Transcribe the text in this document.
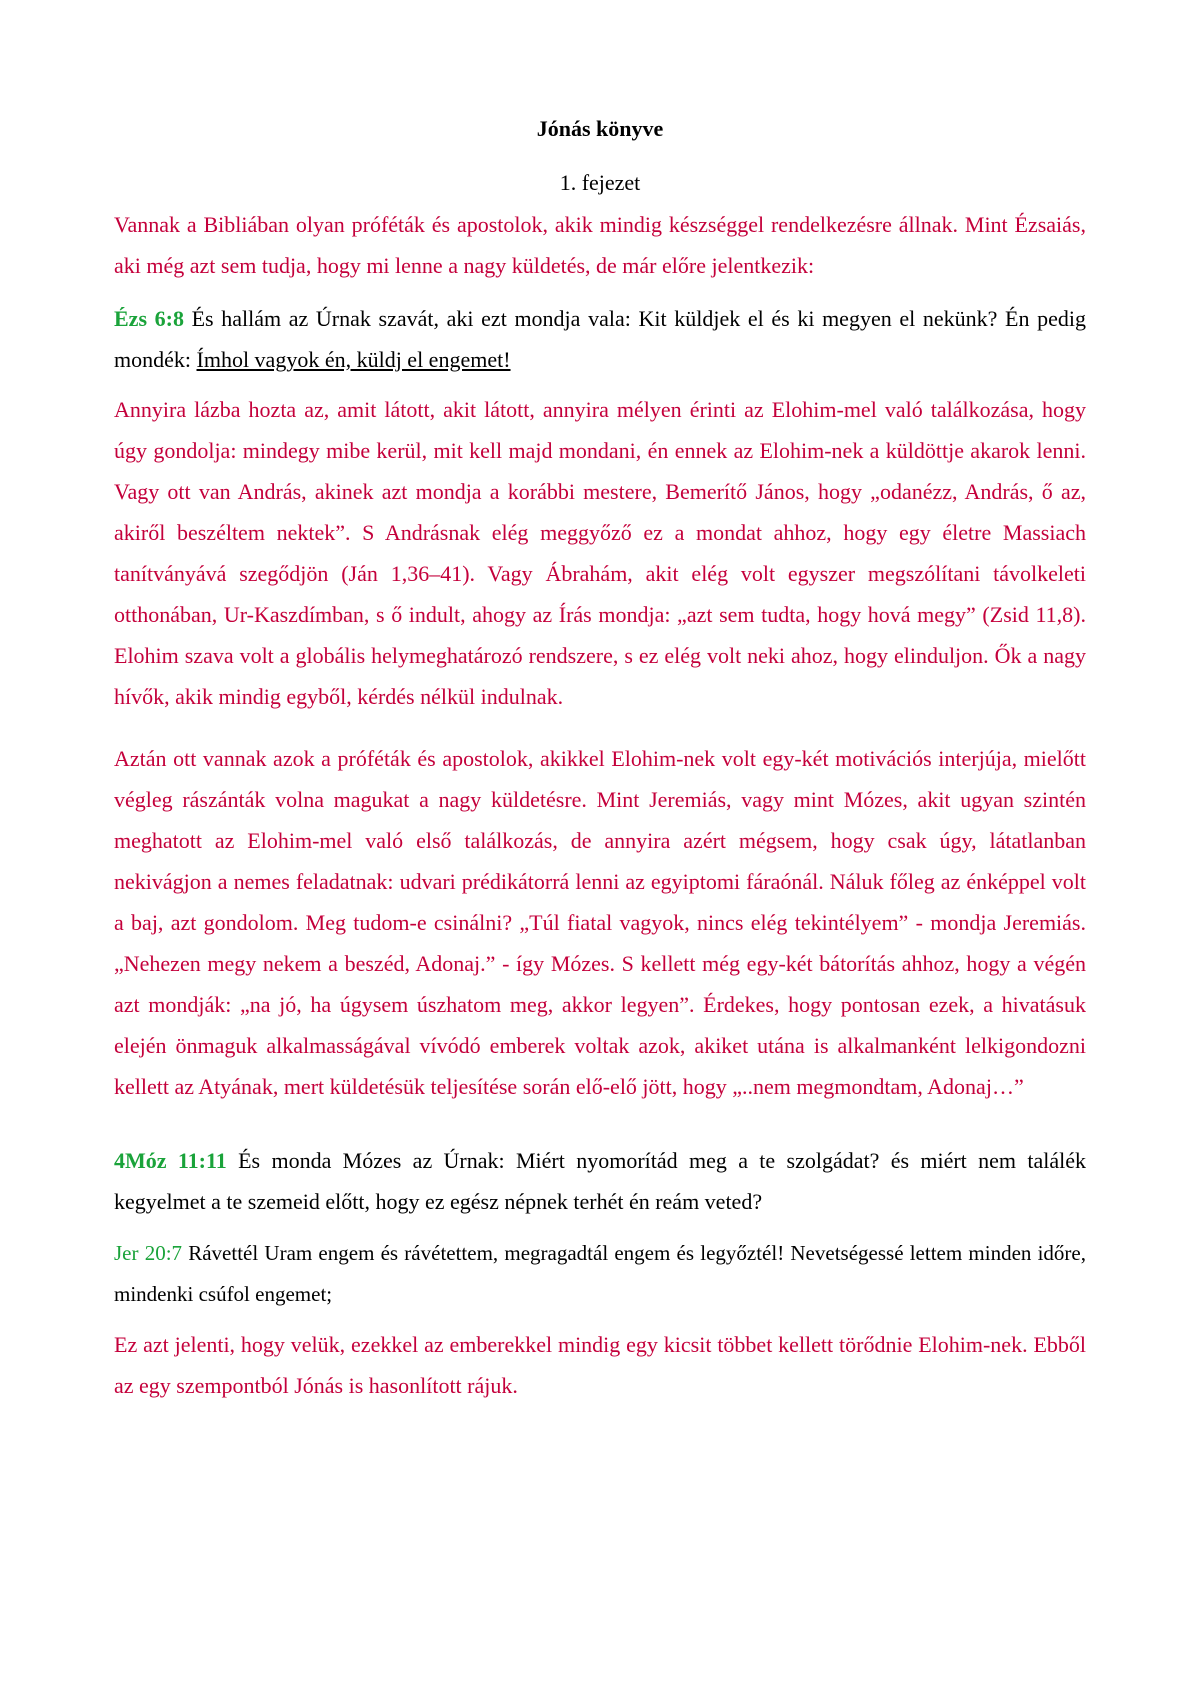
Jónás könyve
1. fejezet

Vannak a Bibliában olyan próféták és apostolok, akik mindig készséggel rendelkezésre állnak. Mint Ézsaiás, aki még azt sem tudja, hogy mi lenne a nagy küldetés, de már előre jelentkezik:

Ézs 6:8 És hallám az Úrnak szavát, aki ezt mondja vala: Kit küldjek el és ki megyen el nekünk? Én pedig mondék: Ímhol vagyok én, küldj el engemet!

Annyira lázba hozta az, amit látott, akit látott, annyira mélyen érinti az Elohim-mel való találkozása, hogy úgy gondolja: mindegy mibe kerül, mit kell majd mondani, én ennek az Elohim-nek a küldöttje akarok lenni. Vagy ott van András, akinek azt mondja a korábbi mestere, Bemerítő János, hogy „odanézz, András, ő az, akiről beszéltem nektek”. S Andrásnak elég meggyőző ez a mondat ahhoz, hogy egy életre Massiach tanítványává szegődjön (Ján 1,36–41). Vagy Ábrahám, akit elég volt egyszer megszólítani távolkeleti otthonában, Ur-Kaszdímban, s ő indult, ahogy az Írás mondja: „azt sem tudta, hogy hová megy” (Zsid 11,8). Elohim szava volt a globális helymeghatározó rendszere, s ez elég volt neki ahoz, hogy elinduljon. Ők a nagy hívők, akik mindig egyből, kérdés nélkül indulnak.

Aztán ott vannak azok a próféták és apostolok, akikkel Elohim-nek volt egy-két motivációs interjúja, mielőtt végleg rászánták volna magukat a nagy küldetésre. Mint Jeremiás, vagy mint Mózes, akit ugyan szintén meghatott az Elohim-mel való első találkozás, de annyira azért mégsem, hogy csak úgy, látatlanban nekivágjon a nemes feladatnak: udvari prédikátorrá lenni az egyiptomi fáraónál. Náluk főleg az énképpel volt a baj, azt gondolom. Meg tudom-e csinálni? „Túl fiatal vagyok, nincs elég tekintélyem” - mondja Jeremiás. „Nehezen megy nekem a beszéd, Adonaj.” - így Mózes. S kellett még egy-két bátorítás ahhoz, hogy a végén azt mondják: „na jó, ha úgysem úszhatom meg, akkor legyen”. Érdekes, hogy pontosan ezek, a hivatásuk elején önmaguk alkalmasságával vívódó emberek voltak azok, akiket utána is alkalmanként lelkigondozni kellett az Atyának, mert küldetésük teljesítése során elő-elő jött, hogy „..nem megmondtam, Adonaj…”

4Móz 11:11 És monda Mózes az Úrnak: Miért nyomorítád meg a te szolgádat? és miért nem találék kegyelmet a te szemeid előtt, hogy ez egész népnek terhét én reám veted?

Jer 20:7 Rávettél Uram engem és rávétettem, megragadtál engem és legyőztél! Nevetségessé lettem minden időre, mindenki csúfol engemet;

Ez azt jelenti, hogy velük, ezekkel az emberekkel mindig egy kicsit többet kellett törődnie Elohim-nek. Ebből az egy szempontból Jónás is hasonlított rájuk.
